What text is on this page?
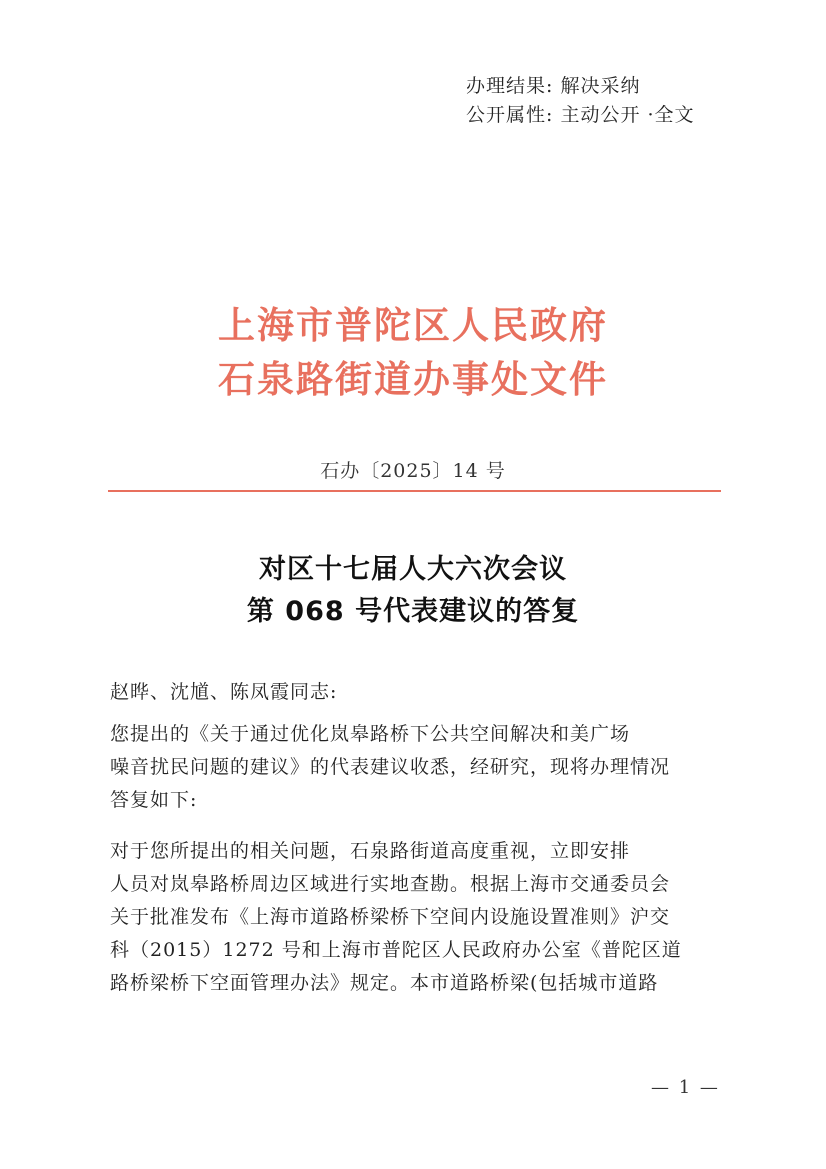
办理结果: 解决采纳
公开属性: 主动公开 ·全文
上海市普陀区人民政府
石泉路街道办事处文件
石办〔2025〕14 号
对区十七届人大六次会议
第 068 号代表建议的答复
赵晔、沈馗、陈凤霞同志:
您提出的《关于通过优化岚皋路桥下公共空间解决和美广场
噪音扰民问题的建议》的代表建议收悉，经研究，现将办理情况
答复如下:
对于您所提出的相关问题，石泉路街道高度重视，立即安排
人员对岚皋路桥周边区域进行实地查勘。根据上海市交通委员会
关于批准发布《上海市道路桥梁桥下空间内设施设置准则》沪交
科（2015）1272 号和上海市普陀区人民政府办公室《普陀区道
路桥梁桥下空面管理办法》规定。本市道路桥梁(包括城市道路
— 1 —
